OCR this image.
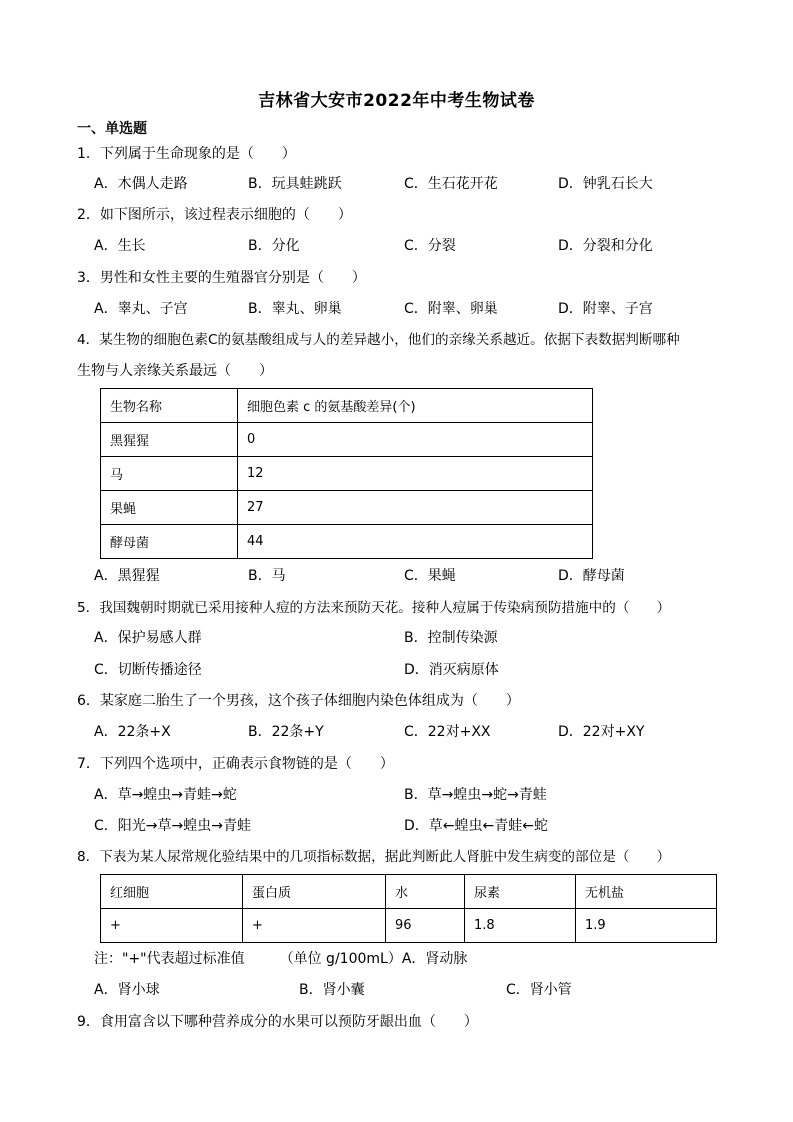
吉林省大安市2022年中考生物试卷
一、单选题
1．下列属于生命现象的是（　　）
A．木偶人走路	B．玩具蛙跳跃	C．生石花开花	D．钟乳石长大
2．如下图所示，该过程表示细胞的（　　）
A．生长	B．分化	C．分裂	D．分裂和分化
3．男性和女性主要的生殖器官分别是（　　）
A．睾丸、子宫	B．睾丸、卵巢	C．附睾、卵巢	D．附睾、子宫
4．某生物的细胞色素C的氨基酸组成与人的差异越小，他们的亲缘关系越近。依据下表数据判断哪种
生物与人亲缘关系最远（　　）
生物名称	细胞色素 c 的氨基酸差异(个)
黑猩猩	0
马	12
果蝇	27
酵母菌	44
A．黑猩猩	B．马	C．果蝇	D．酵母菌
5．我国魏朝时期就已采用接种人痘的方法来预防天花。接种人痘属于传染病预防措施中的（　　）
A．保护易感人群	B．控制传染源
C．切断传播途径	D．消灭病原体
6．某家庭二胎生了一个男孩，这个孩子体细胞内染色体组成为（　　）
A．22条+X	B．22条+Y	C．22对+XX	D．22对+XY
7．下列四个选项中，正确表示食物链的是（　　）
A．草→蝗虫→青蛙→蛇	B．草→蝗虫→蛇→青蛙
C．阳光→草→蝗虫→青蛙	D．草←蝗虫←青蛙←蛇
8．下表为某人尿常规化验结果中的几项指标数据，据此判断此人肾脏中发生病变的部位是（　　）
红细胞	蛋白质	水	尿素	无机盐
+	+	96	1.8	1.9
注："+"代表超过标准值　　　（单位 g/100mL）A．肾动脉
A．肾小球	B．肾小囊	C．肾小管
9．食用富含以下哪种营养成分的水果可以预防牙龈出血（　　）
